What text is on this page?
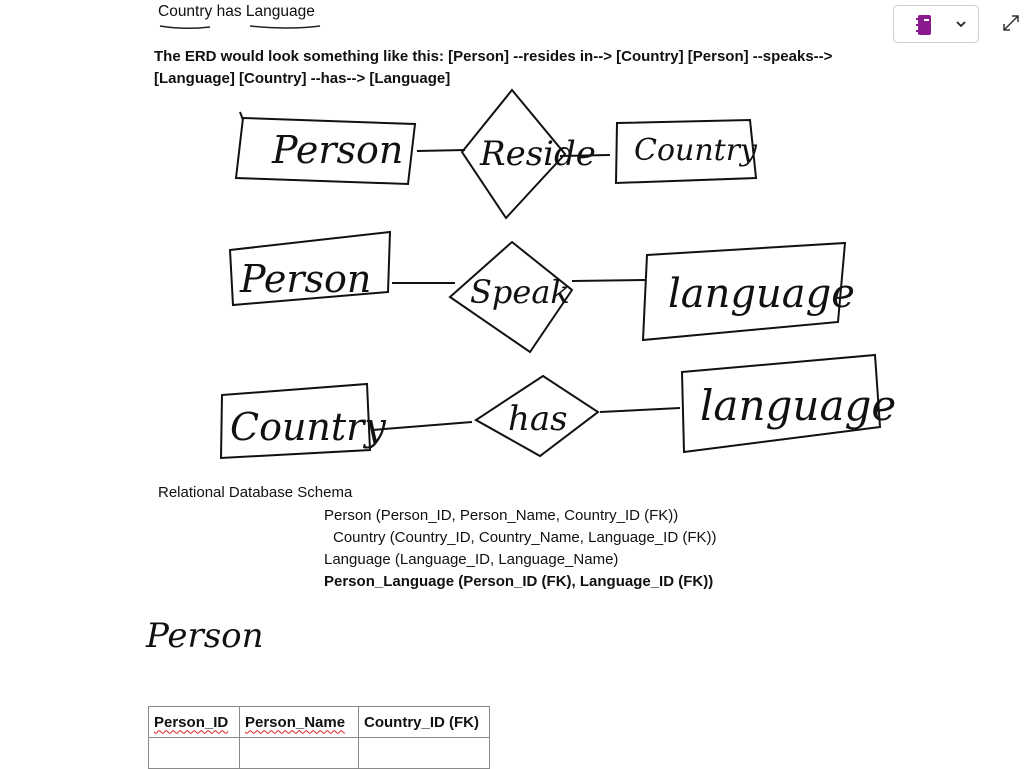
Country has Language
The ERD would look something like this: [Person] --resides in--> [Country] [Person] --speaks--> [Language] [Country] --has--> [Language]
Person Reside Country
Person	Speak language
Country	has	language
Person
Relational Database Schema
Person (Person_ID, Person_Name, Country_ID (FK))
Country (Country_ID, Country_Name, Language_ID (FK))
Language (Language_ID, Language_Name)
Person_Language (Person_ID (FK), Language_ID (FK))
Person_ID	Person_Name	Country_ID (FK)
